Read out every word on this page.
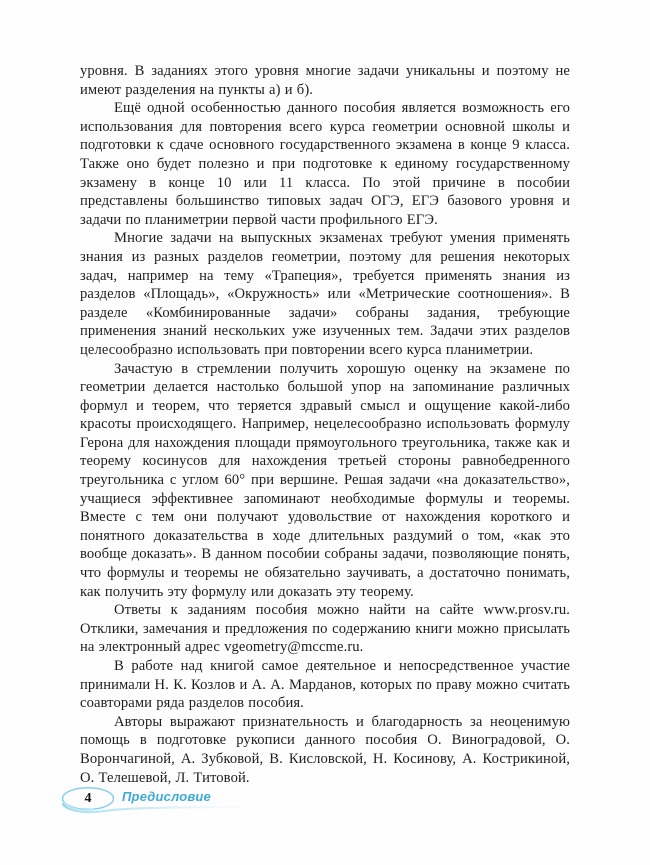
уровня. В заданиях этого уровня многие задачи уникальны и поэтому не имеют разделения на пункты а) и б).

Ещё одной особенностью данного пособия является возможность его использования для повторения всего курса геометрии основной школы и подготовки к сдаче основного государственного экзамена в конце 9 класса. Также оно будет полезно и при подготовке к единому государственному экзамену в конце 10 или 11 класса. По этой причине в пособии представлены большинство типовых задач ОГЭ, ЕГЭ базового уровня и задачи по планиметрии первой части профильного ЕГЭ.

Многие задачи на выпускных экзаменах требуют умения применять знания из разных разделов геометрии, поэтому для решения некоторых задач, например на тему «Трапеция», требуется применять знания из разделов «Площадь», «Окружность» или «Метрические соотношения». В разделе «Комбинированные задачи» собраны задания, требующие применения знаний нескольких уже изученных тем. Задачи этих разделов целесообразно использовать при повторении всего курса планиметрии.

Зачастую в стремлении получить хорошую оценку на экзамене по геометрии делается настолько большой упор на запоминание различных формул и теорем, что теряется здравый смысл и ощущение какой-либо красоты происходящего. Например, нецелесообразно использовать формулу Герона для нахождения площади прямоугольного треугольника, также как и теорему косинусов для нахождения третьей стороны равнобедренного треугольника с углом 60° при вершине. Решая задачи «на доказательство», учащиеся эффективнее запоминают необходимые формулы и теоремы. Вместе с тем они получают удовольствие от нахождения короткого и понятного доказательства в ходе длительных раздумий о том, «как это вообще доказать». В данном пособии собраны задачи, позволяющие понять, что формулы и теоремы не обязательно заучивать, а достаточно понимать, как получить эту формулу или доказать эту теорему.

Ответы к заданиям пособия можно найти на сайте www.prosv.ru. Отклики, замечания и предложения по содержанию книги можно присылать на электронный адрес vgeometry@mccme.ru.

В работе над книгой самое деятельное и непосредственное участие принимали Н. К. Козлов и А. А. Марданов, которых по праву можно считать соавторами ряда разделов пособия.

Авторы выражают признательность и благодарность за неоценимую помощь в подготовке рукописи данного пособия О. Виноградовой, О. Ворончагиной, А. Зубковой, В. Кисловской, Н. Косинову, А. Кострикиной, О. Телешевой, Л. Титовой.

4 Предисловие
